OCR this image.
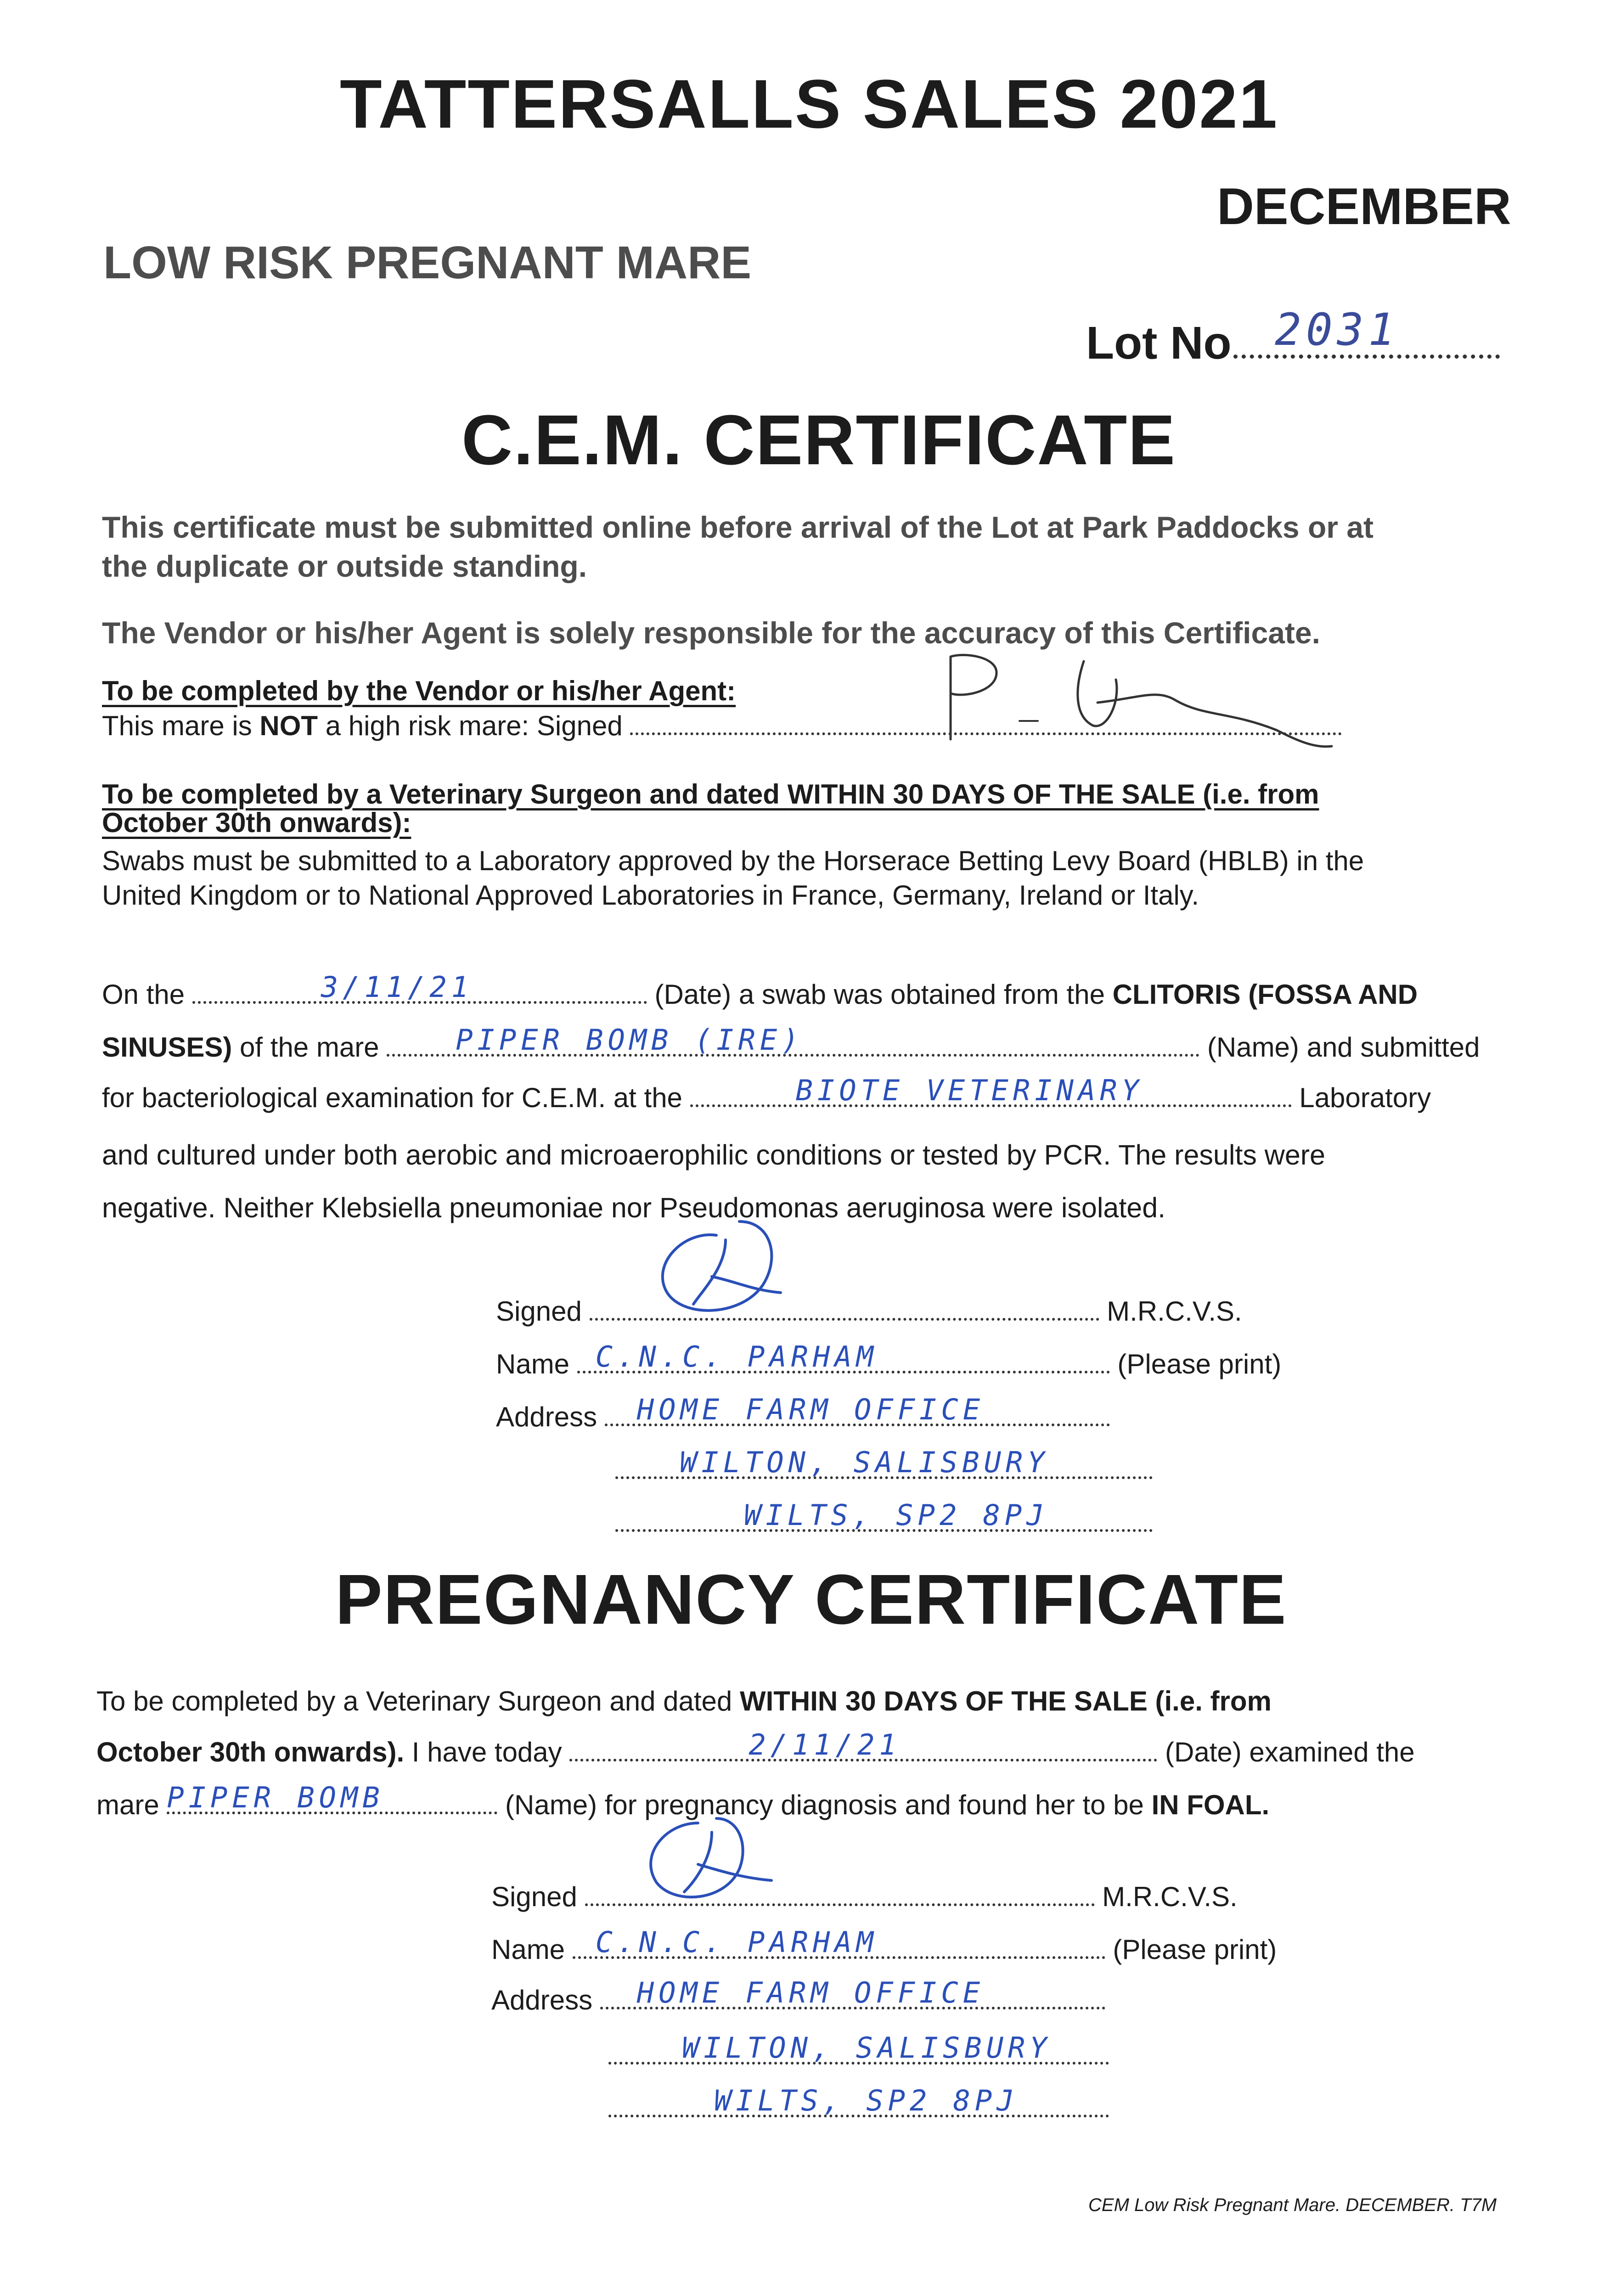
TATTERSALLS SALES 2021
DECEMBER
LOW RISK PREGNANT MARE
Lot No 2031
C.E.M. CERTIFICATE
This certificate must be submitted online before arrival of the Lot at Park Paddocks or at
the duplicate or outside standing.
The Vendor or his/her Agent is solely responsible for the accuracy of this Certificate.
To be completed by the Vendor or his/her Agent:
This mare is NOT a high risk mare: Signed
To be completed by a Veterinary Surgeon and dated WITHIN 30 DAYS OF THE SALE (i.e. from
October 30th onwards):
Swabs must be submitted to a Laboratory approved by the Horserace Betting Levy Board (HBLB) in the
United Kingdom or to National Approved Laboratories in France, Germany, Ireland or Italy.
On the	3/11/21	(Date) a swab was obtained from the CLITORIS (FOSSA AND
SINUSES) of the mare	PIPER BOMB (IRE)	(Name) and submitted
for bacteriological examination for C.E.M. at the	BIOTE VETERINARY	Laboratory
and cultured under both aerobic and microaerophilic conditions or tested by PCR. The results were
negative. Neither Klebsiella pneumoniae nor Pseudomonas aeruginosa were isolated.
Signed	M.R.C.V.S.
Name C.N.C. PARHAM	(Please print)
Address HOME FARM OFFICE
WILTON, SALISBURY
WILTS, SP2 8PJ
PREGNANCY CERTIFICATE
To be completed by a Veterinary Surgeon and dated WITHIN 30 DAYS OF THE SALE (i.e. from
October 30th onwards). I have today	2/11/21	(Date) examined the
mare PIPER BOMB	(Name) for pregnancy diagnosis and found her to be IN FOAL.
Signed	M.R.C.V.S.
Name C.N.C. PARHAM	(Please print)
Address HOME FARM OFFICE
WILTON, SALISBURY
WILTS, SP2 8PJ
CEM Low Risk Pregnant Mare. DECEMBER. T7M
